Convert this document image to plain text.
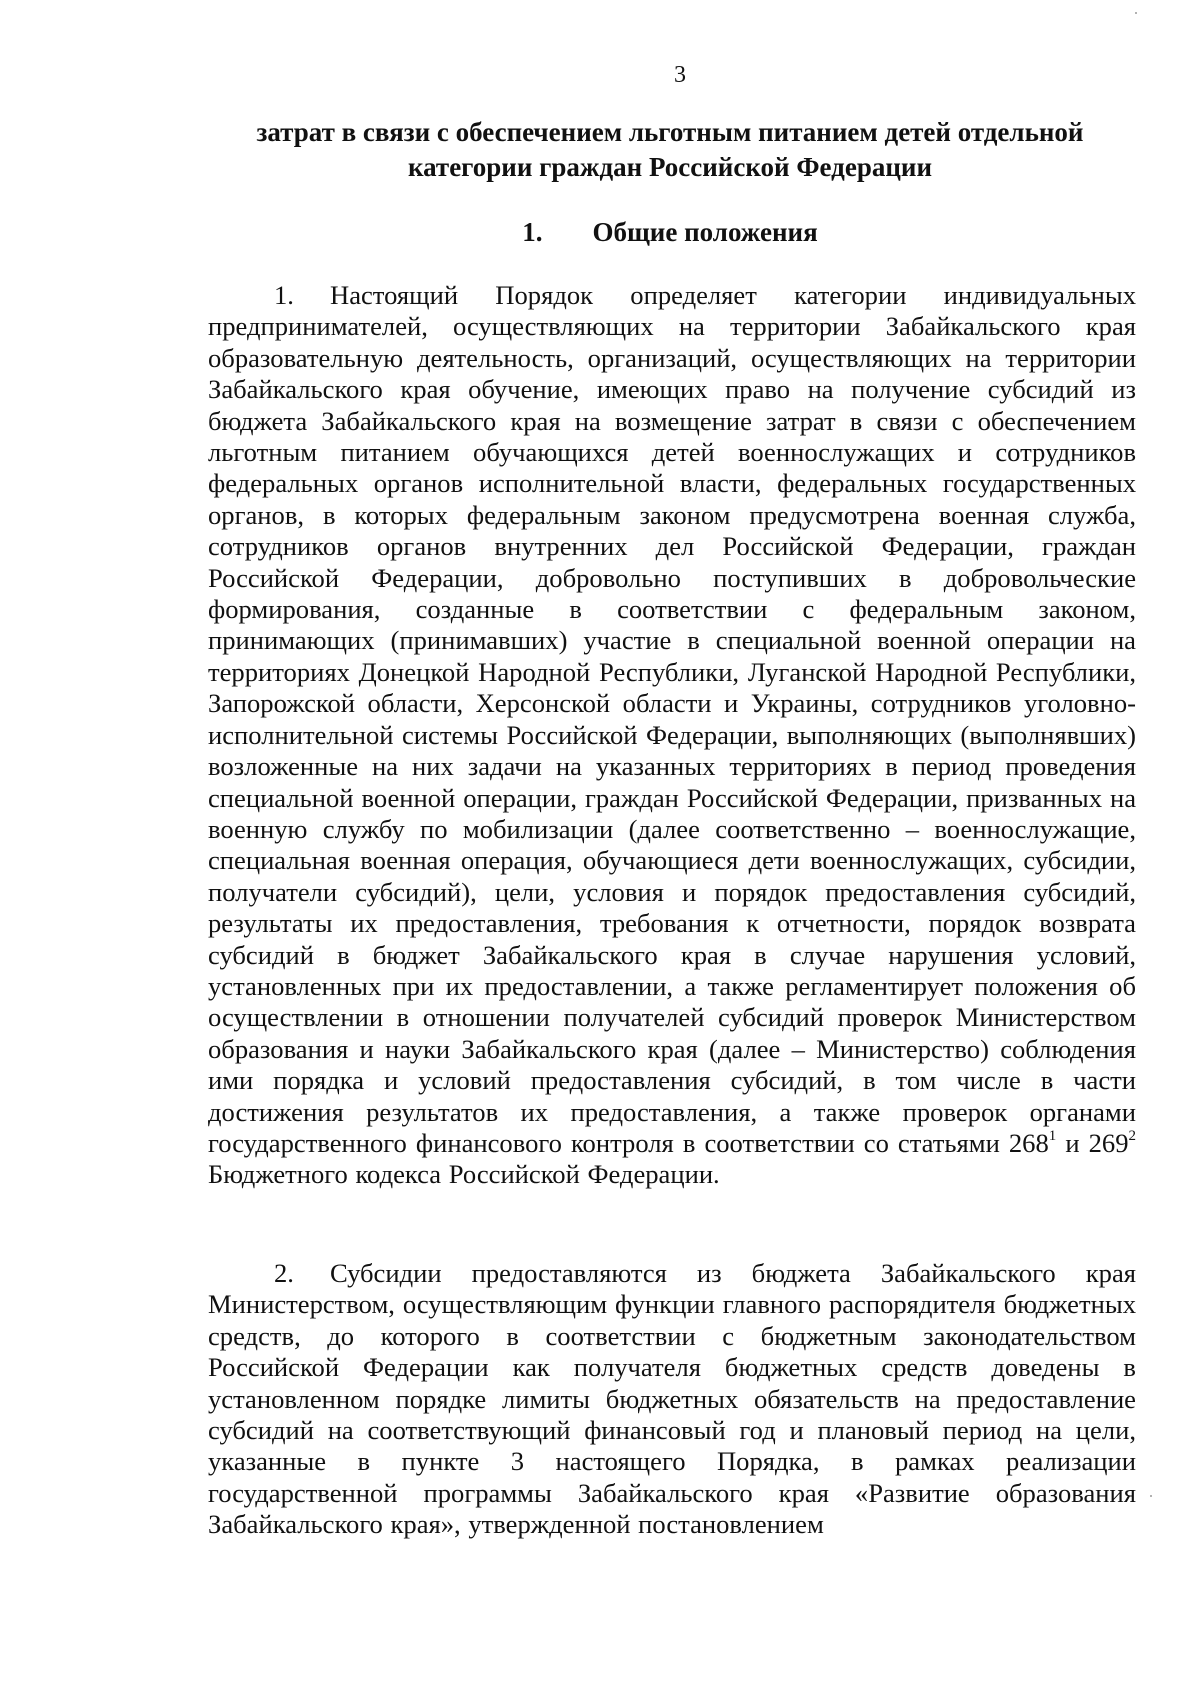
3
затрат в связи с обеспечением льготным питанием детей отдельной категории граждан Российской Федерации
1. Общие положения
1. Настоящий Порядок определяет категории индивидуальных предпринимателей, осуществляющих на территории Забайкальского края образовательную деятельность, организаций, осуществляющих на территории Забайкальского края обучение, имеющих право на получение субсидий из бюджета Забайкальского края на возмещение затрат в связи с обеспечением льготным питанием обучающихся детей военнослужащих и сотрудников федеральных органов исполнительной власти, федеральных государственных органов, в которых федеральным законом предусмотрена военная служба, сотрудников органов внутренних дел Российской Федерации, граждан Российской Федерации, добровольно поступивших в добровольческие формирования, созданные в соответствии с федеральным законом, принимающих (принимавших) участие в специальной военной операции на территориях Донецкой Народной Республики, Луганской Народной Республики, Запорожской области, Херсонской области и Украины, сотрудников уголовно-исполнительной системы Российской Федерации, выполняющих (выполнявших) возложенные на них задачи на указанных территориях в период проведения специальной военной операции, граждан Российской Федерации, призванных на военную службу по мобилизации (далее соответственно – военнослужащие, специальная военная операция, обучающиеся дети военнослужащих, субсидии, получатели субсидий), цели, условия и порядок предоставления субсидий, результаты их предоставления, требования к отчетности, порядок возврата субсидий в бюджет Забайкальского края в случае нарушения условий, установленных при их предоставлении, а также регламентирует положения об осуществлении в отношении получателей субсидий проверок Министерством образования и науки Забайкальского края (далее – Министерство) соблюдения ими порядка и условий предоставления субсидий, в том числе в части достижения результатов их предоставления, а также проверок органами государственного финансового контроля в соответствии со статьями $268^1$ и $269^2$ Бюджетного кодекса Российской Федерации.
2. Субсидии предоставляются из бюджета Забайкальского края Министерством, осуществляющим функции главного распорядителя бюджетных средств, до которого в соответствии с бюджетным законодательством Российской Федерации как получателя бюджетных средств доведены в установленном порядке лимиты бюджетных обязательств на предоставление субсидий на соответствующий финансовый год и плановый период на цели, указанные в пункте 3 настоящего Порядка, в рамках реализации государственной программы Забайкальского края «Развитие образования Забайкальского края», утвержденной постановлением
